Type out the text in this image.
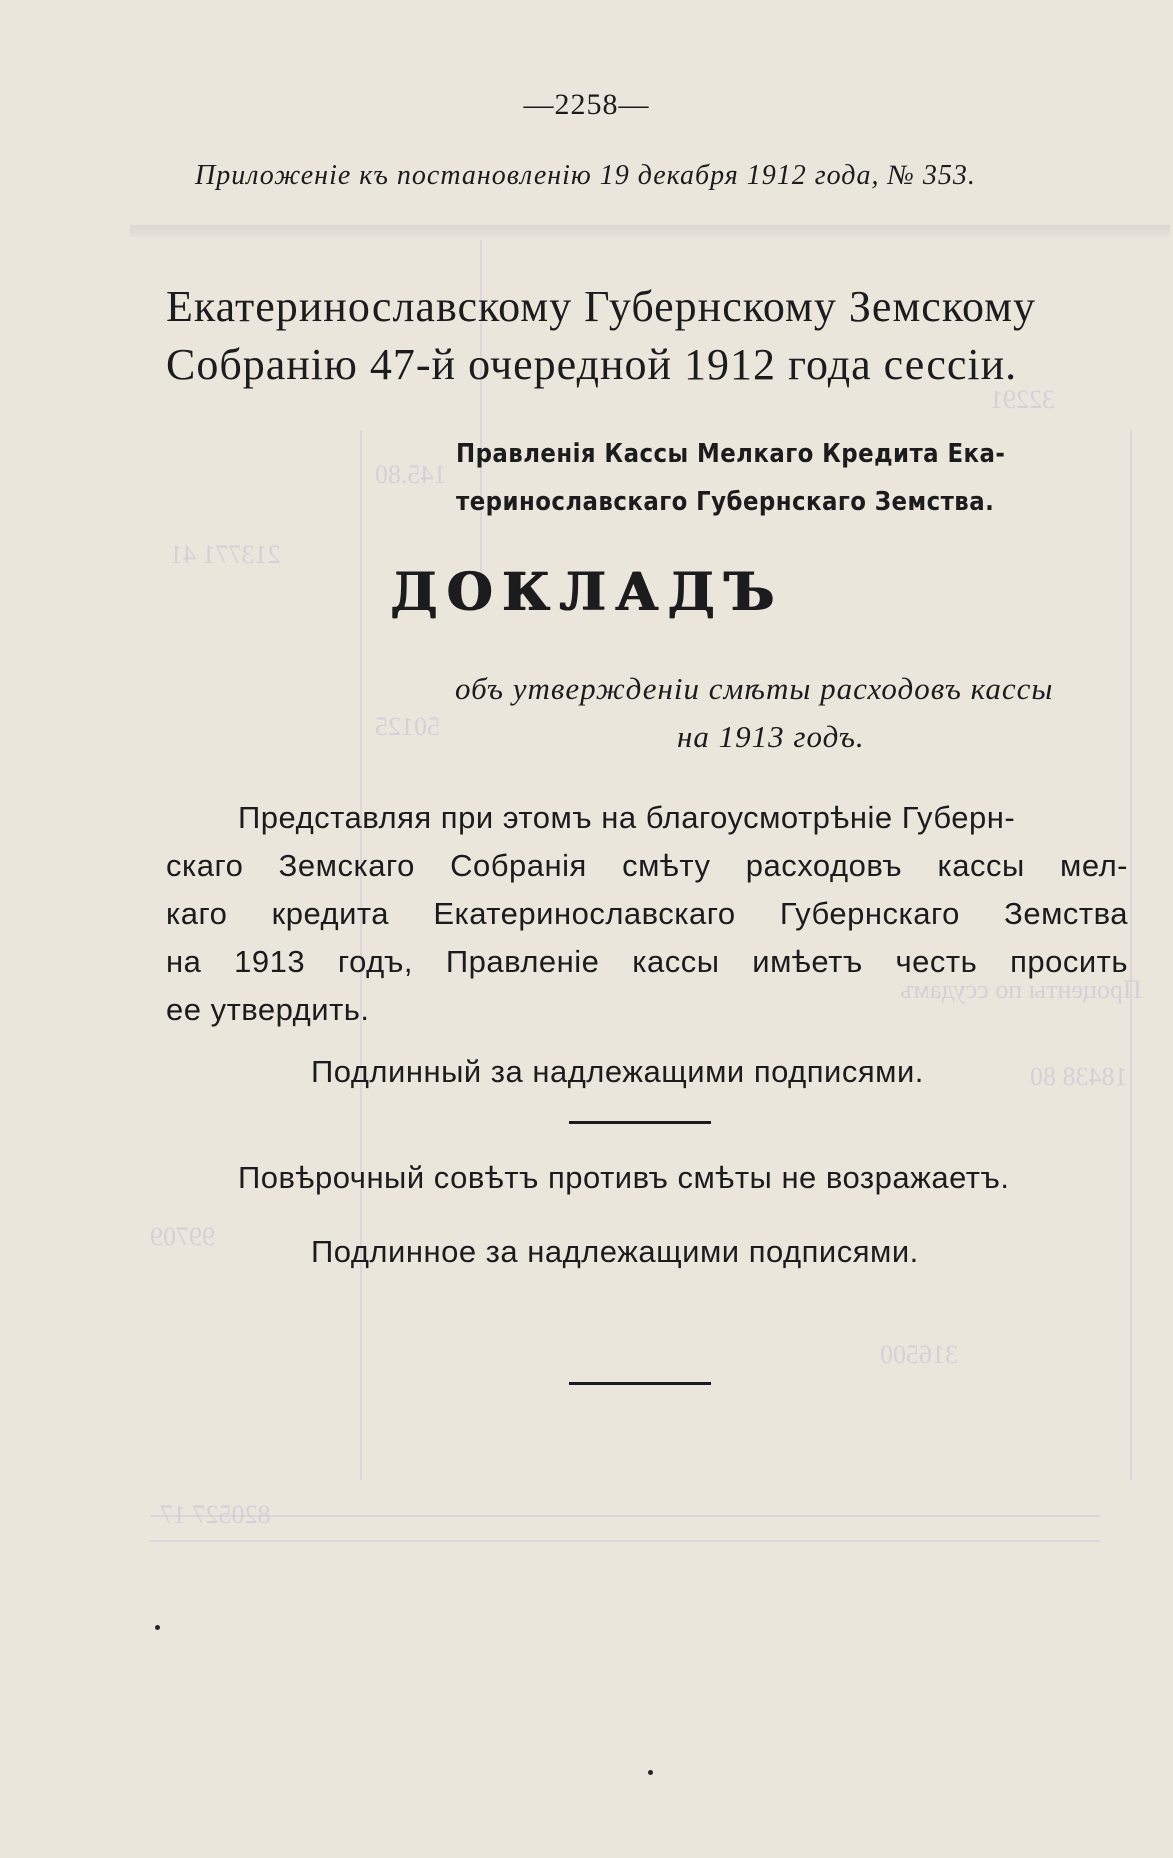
32291
145.80
213771 41
50125
Проценты по ссудамъ
18438 80
99709
316500
820527 17
—2258—
Приложеніе къ постановленію 19 декабря 1912 года, № 353.
Екатеринославскому Губернскому Земскому
Собранію 47-й очередной 1912 года сессіи.
Правленія Кассы Мелкаго Кредита Ека-
теринославскаго Губернскаго Земства.
ДОКЛАДЪ
объ утвержденіи смѣты расходовъ кассы
на 1913 годъ.
Представляя при этомъ на благоусмотрѣніе Губерн-
скаго Земскаго Собранія смѣту расходовъ кассы мел-
каго кредита Екатеринославскаго Губернскаго Земства
на 1913 годъ, Правленіе кассы имѣетъ честь просить
ее утвердить.
Подлинный за надлежащими подписями.
Повѣрочный совѣтъ противъ смѣты не возражаетъ.
Подлинное за надлежащими подписями.
